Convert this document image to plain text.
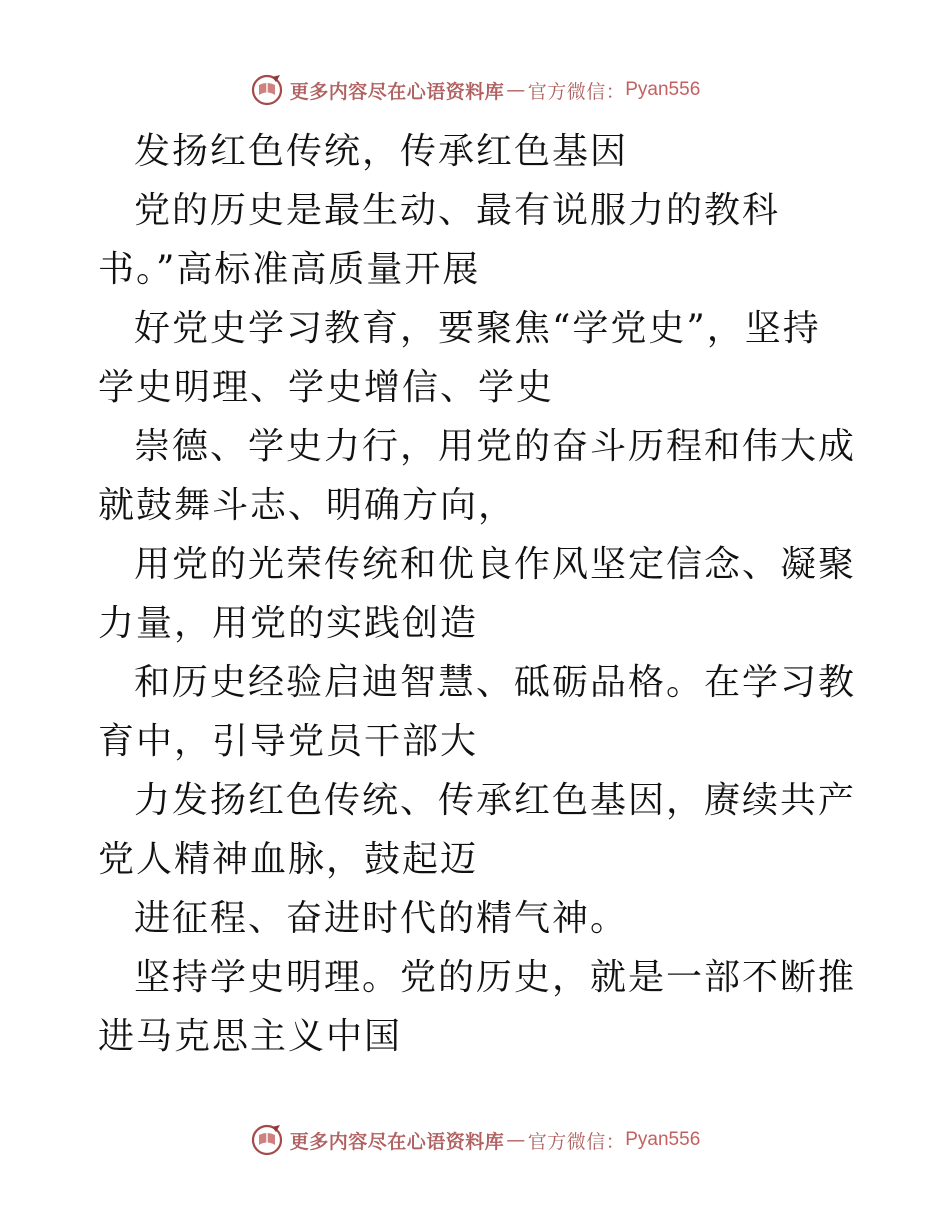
更多内容尽在心语资料库 — 官方微信： Pyan556

发扬红色传统，传承红色基因

党的历史是最生动、最有说服力的教科书。”高标准高质量开展

好党史学习教育，要聚焦“学党史”，坚持学史明理、学史增信、学史

崇德、学史力行，用党的奋斗历程和伟大成就鼓舞斗志、明确方向，

用党的光荣传统和优良作风坚定信念、凝聚力量，用党的实践创造

和历史经验启迪智慧、砥砺品格。在学习教育中，引导党员干部大

力发扬红色传统、传承红色基因，赓续共产党人精神血脉，鼓起迈

进征程、奋进时代的精气神。

坚持学史明理。党的历史，就是一部不断推进马克思主义中国

更多内容尽在心语资料库 — 官方微信： Pyan556
